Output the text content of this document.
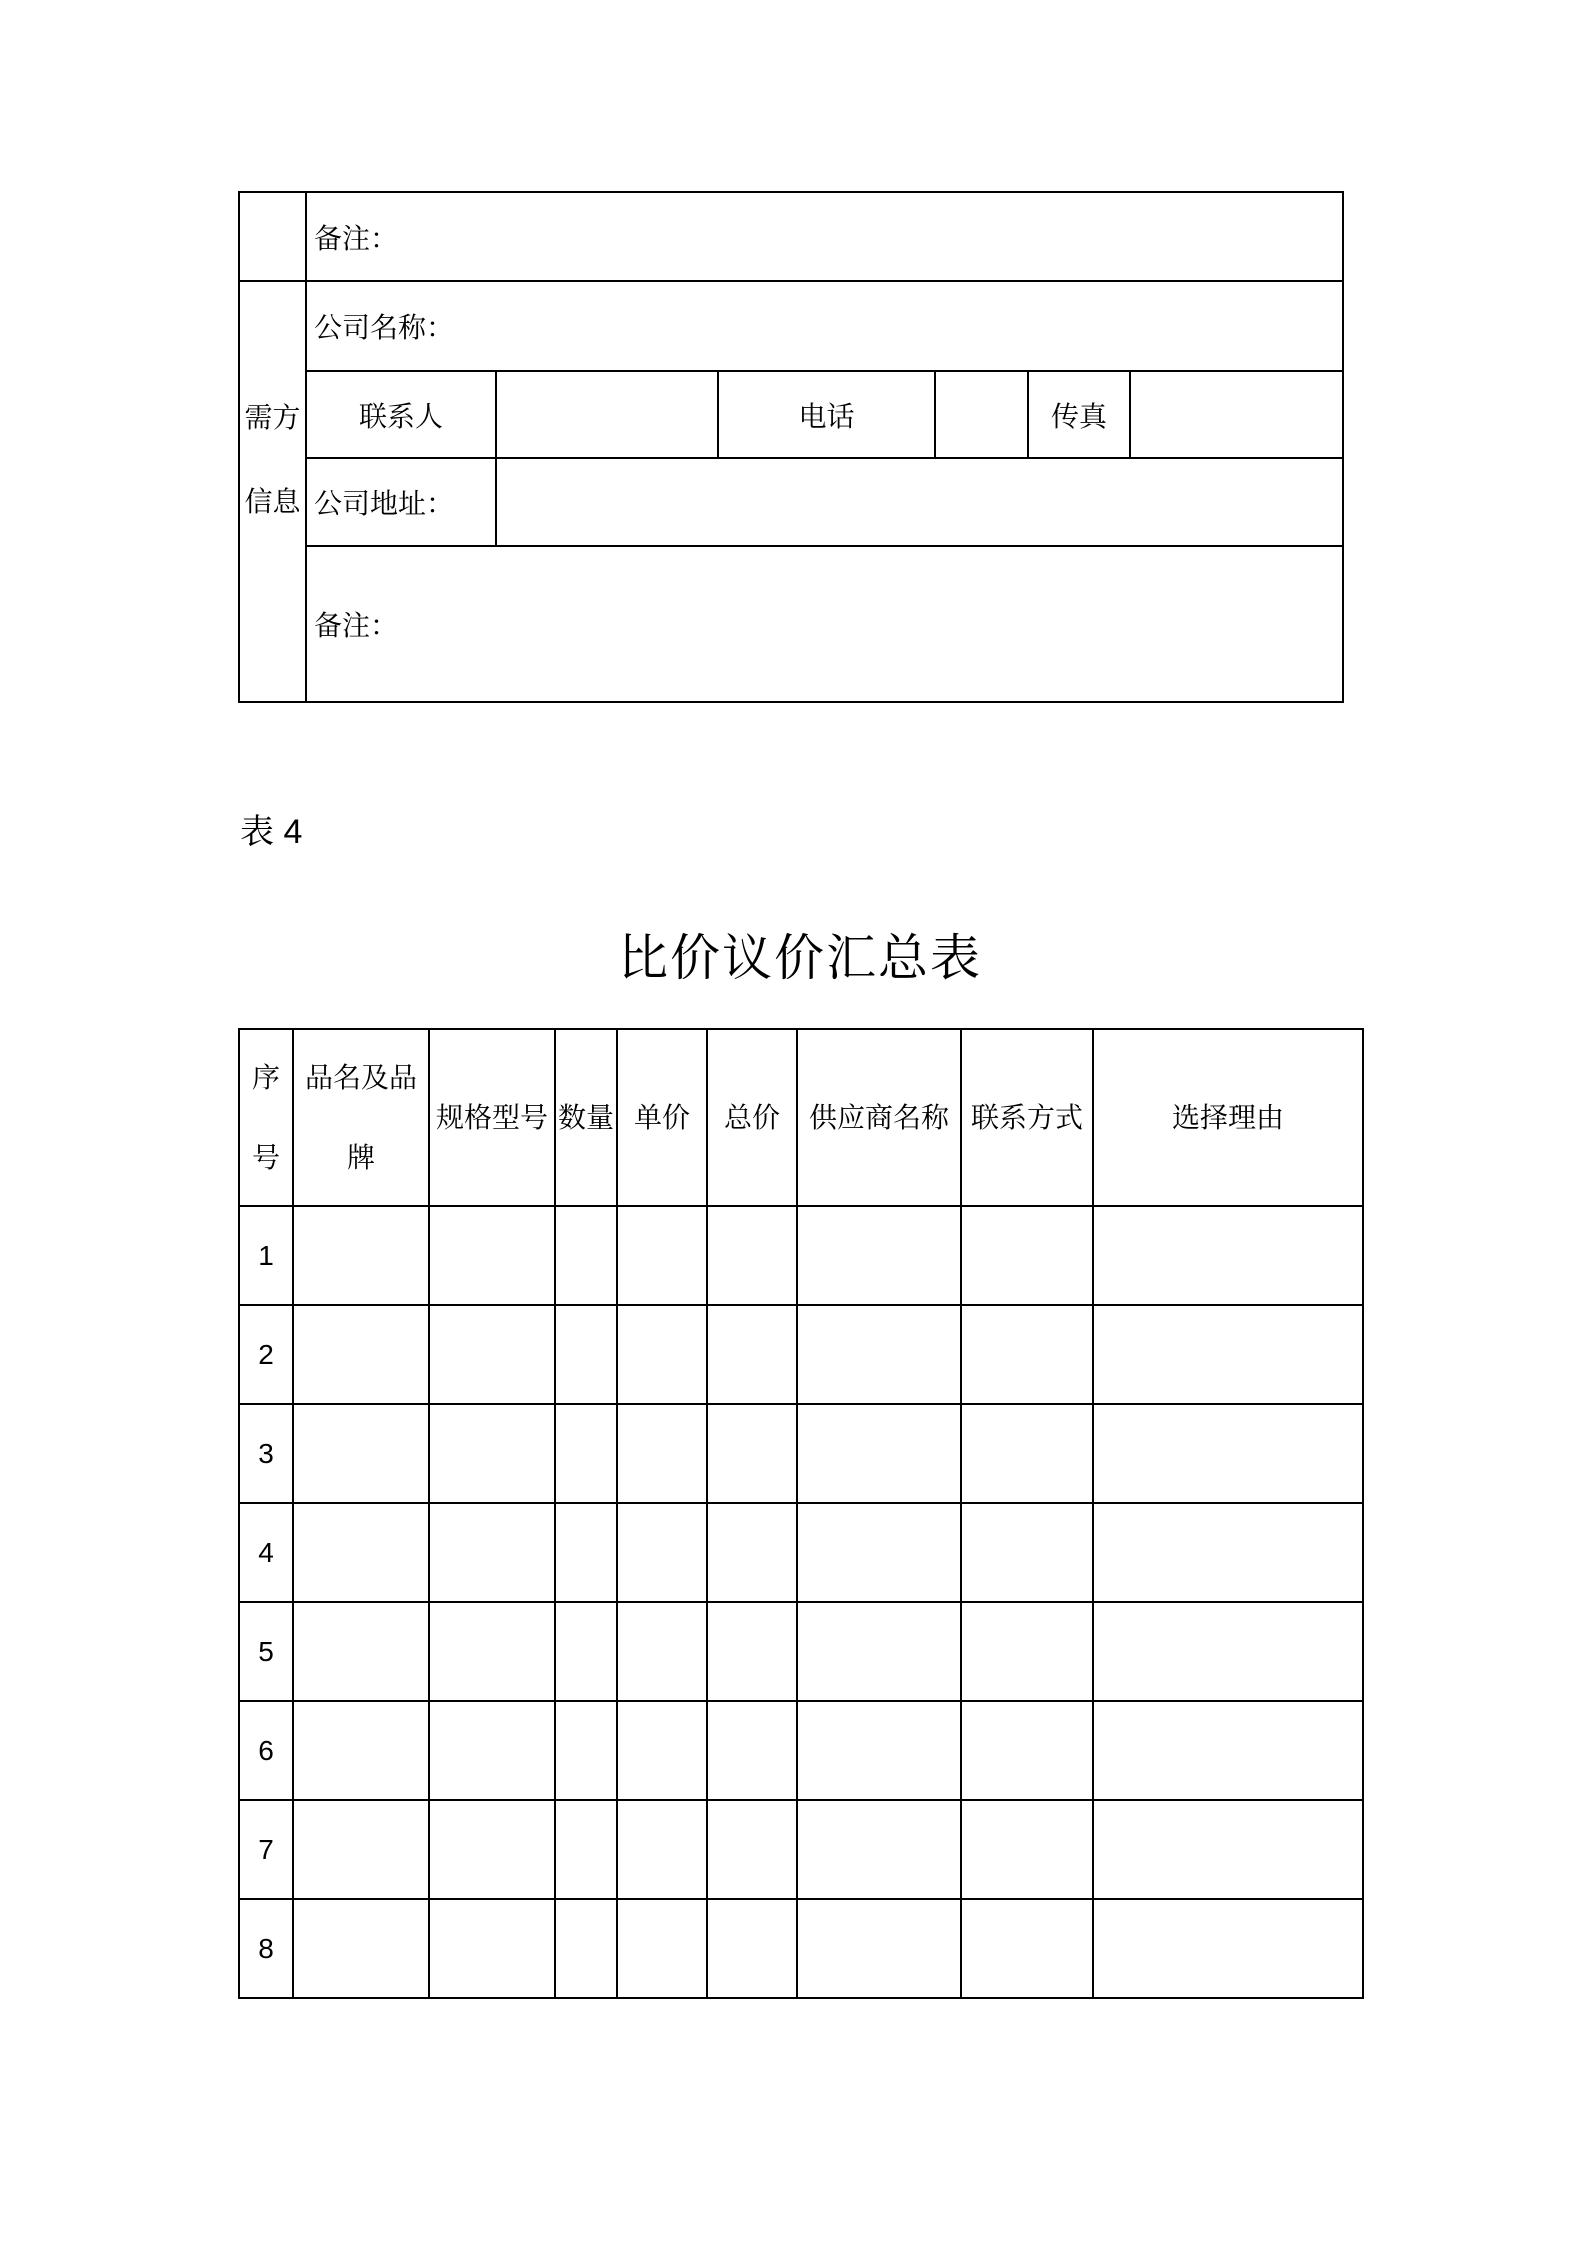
	备注：					
需方信息	公司名称：					
	联系人		电话		传真	
	公司地址：					
	备注：					
表 4
比价议价汇总表
序号	品名及品牌	规格型号	数量	单价	总价	供应商名称	联系方式	选择理由
1								
2								
3								
4								
5								
6								
7								
8								
